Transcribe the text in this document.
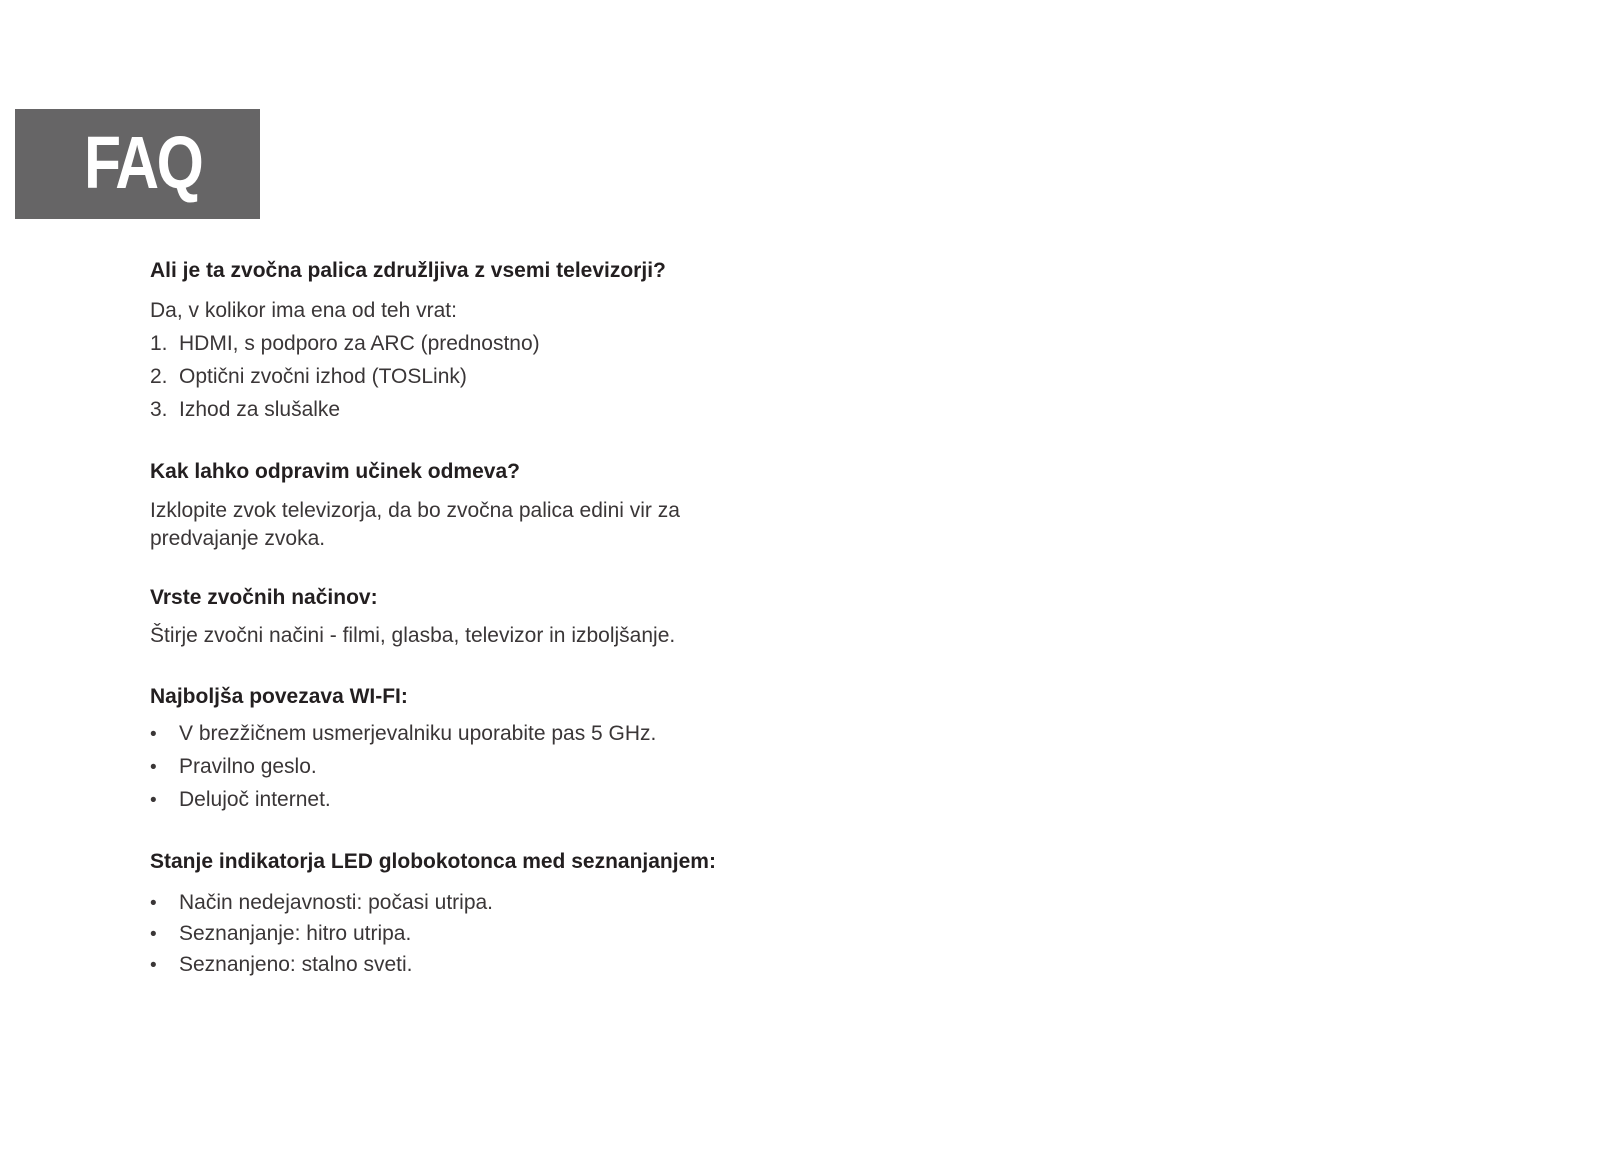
FAQ
Ali je ta zvočna palica združljiva z vsemi televizorji?
Da, v kolikor ima ena od teh vrat:
1. HDMI, s podporo za ARC (prednostno)
2. Optični zvočni izhod (TOSLink)
3. Izhod za slušalke
Kak lahko odpravim učinek odmeva?
Izklopite zvok televizorja, da bo zvočna palica edini vir za predvajanje zvoka.
Vrste zvočnih načinov:
Štirje zvočni načini - filmi, glasba, televizor in izboljšanje.
Najboljša povezava WI-FI:
• V brezžičnem usmerjevalniku uporabite pas 5 GHz.
• Pravilno geslo.
• Delujoč internet.
Stanje indikatorja LED globokotonca med seznanjanjem:
• Način nedejavnosti: počasi utripa.
• Seznanjanje: hitro utripa.
• Seznanjeno: stalno sveti.
